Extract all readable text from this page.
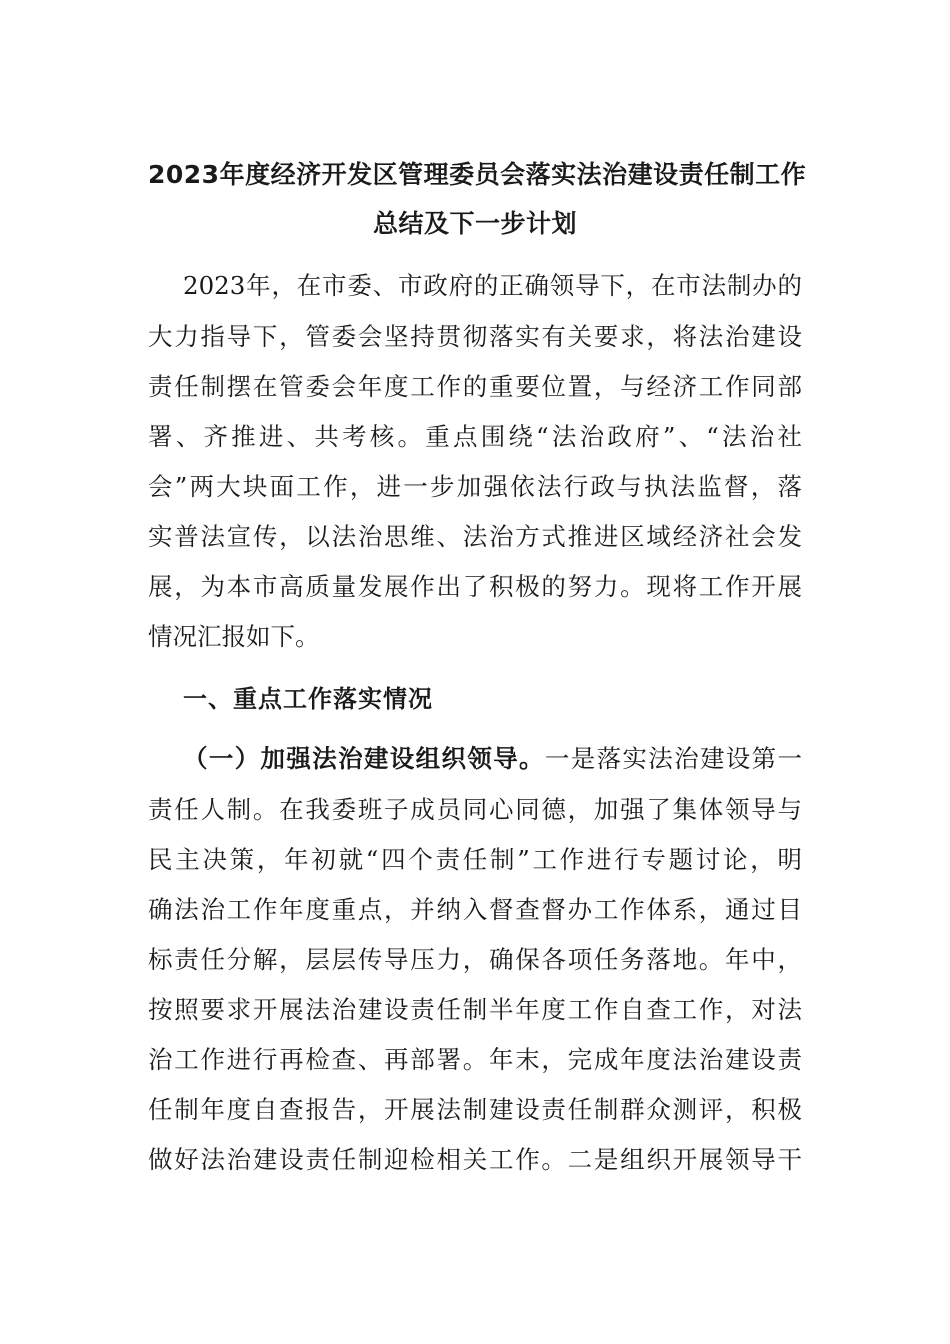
2023年度经济开发区管理委员会落实法治建设责任制工作
总结及下一步计划
2023年，在市委、市政府的正确领导下，在市法制办的
大力指导下，管委会坚持贯彻落实有关要求，将法治建设
责任制摆在管委会年度工作的重要位置，与经济工作同部
署、齐推进、共考核。重点围绕“法治政府”、“法治社
会”两大块面工作，进一步加强依法行政与执法监督，落
实普法宣传，以法治思维、法治方式推进区域经济社会发
展，为本市高质量发展作出了积极的努力。现将工作开展
情况汇报如下。
一、重点工作落实情况
（一）加强法治建设组织领导。一是落实法治建设第一
责任人制。在我委班子成员同心同德，加强了集体领导与
民主决策，年初就“四个责任制”工作进行专题讨论，明
确法治工作年度重点，并纳入督查督办工作体系，通过目
标责任分解，层层传导压力，确保各项任务落地。年中，
按照要求开展法治建设责任制半年度工作自查工作，对法
治工作进行再检查、再部署。年末，完成年度法治建设责
任制年度自查报告，开展法制建设责任制群众测评，积极
做好法治建设责任制迎检相关工作。二是组织开展领导干
